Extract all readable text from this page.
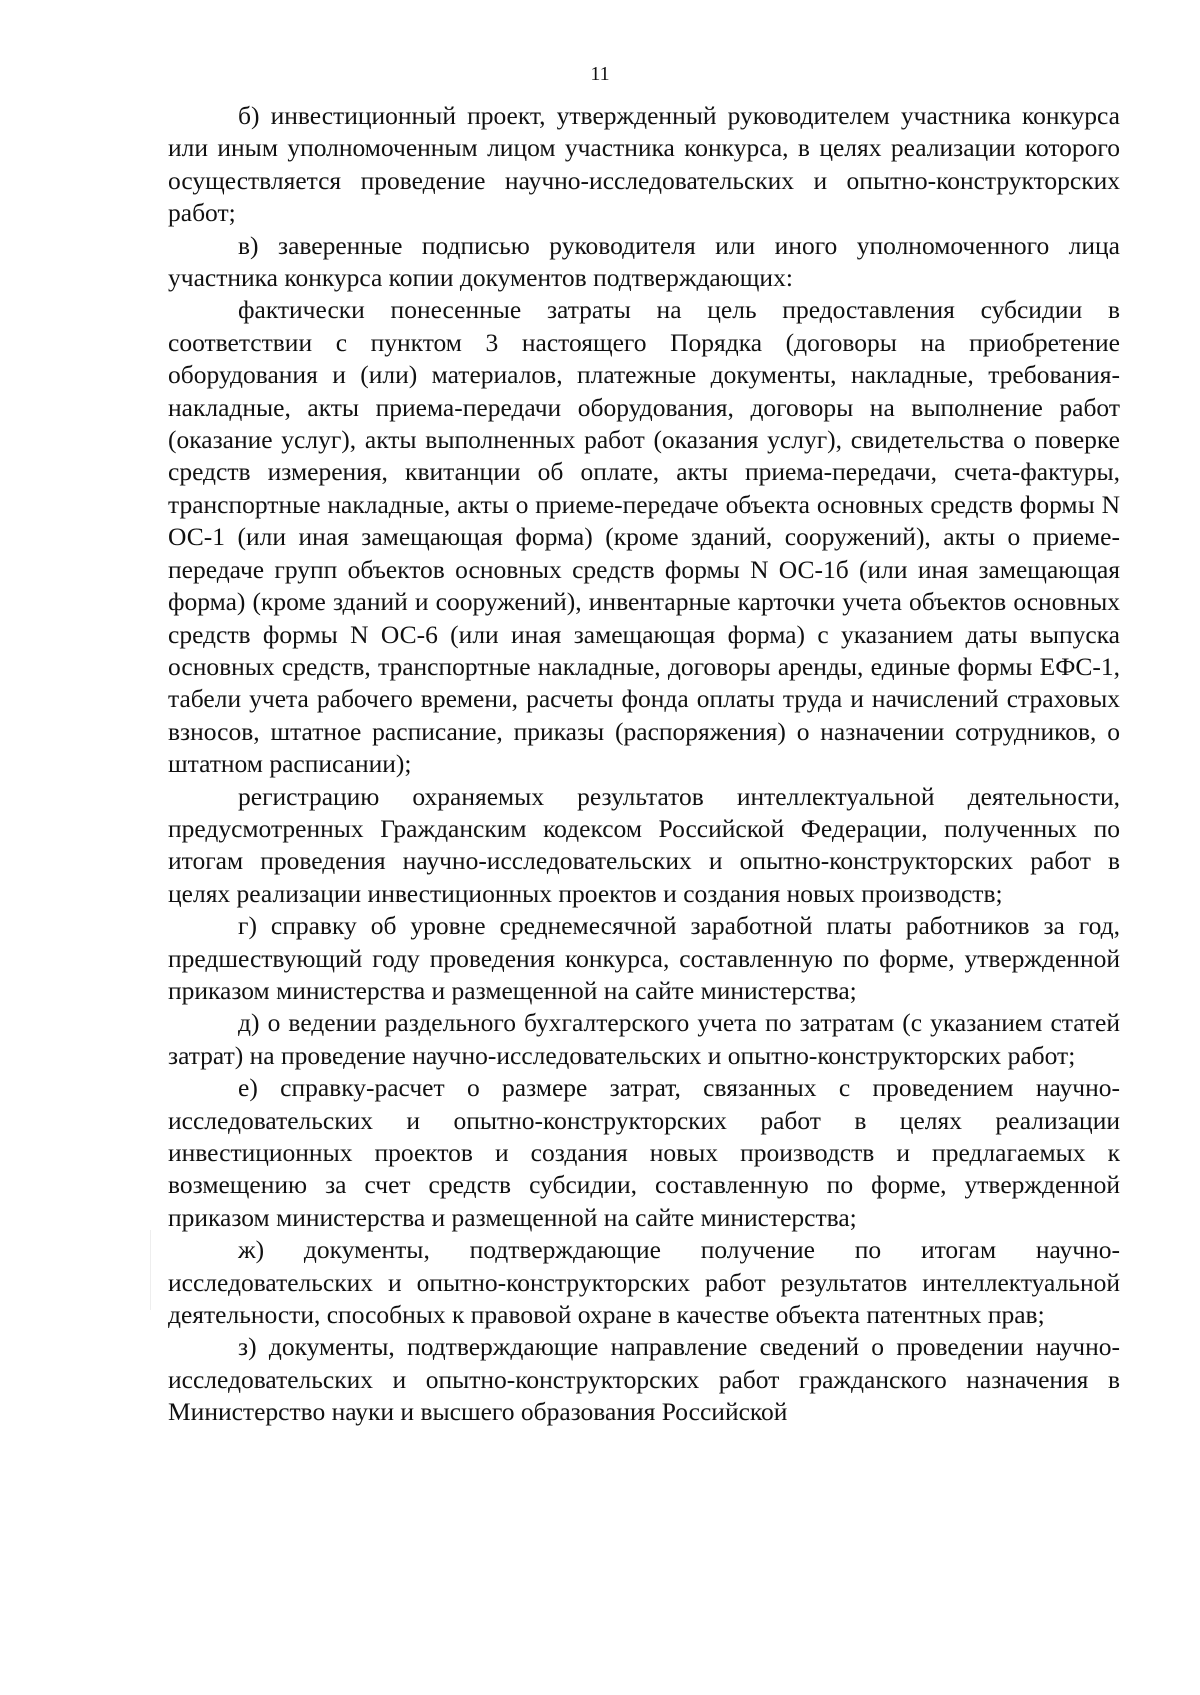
11

б) инвестиционный проект, утвержденный руководителем участника конкурса или иным уполномоченным лицом участника конкурса, в целях реализации которого осуществляется проведение научно-исследовательских и опытно-конструкторских работ;

в) заверенные подписью руководителя или иного уполномоченного лица участника конкурса копии документов подтверждающих:

фактически понесенные затраты на цель предоставления субсидии в соответствии с пунктом 3 настоящего Порядка (договоры на приобретение оборудования и (или) материалов, платежные документы, накладные, требования-накладные, акты приема-передачи оборудования, договоры на выполнение работ (оказание услуг), акты выполненных работ (оказания услуг), свидетельства о поверке средств измерения, квитанции об оплате, акты приема-передачи, счета-фактуры, транспортные накладные, акты о приеме-передаче объекта основных средств формы N ОС-1 (или иная замещающая форма) (кроме зданий, сооружений), акты о приеме-передаче групп объектов основных средств формы N ОС-1б (или иная замещающая форма) (кроме зданий и сооружений), инвентарные карточки учета объектов основных средств формы N ОС-6 (или иная замещающая форма) с указанием даты выпуска основных средств, транспортные накладные, договоры аренды, единые формы ЕФС-1, табели учета рабочего времени, расчеты фонда оплаты труда и начислений страховых взносов, штатное расписание, приказы (распоряжения) о назначении сотрудников, о штатном расписании);

регистрацию охраняемых результатов интеллектуальной деятельности, предусмотренных Гражданским кодексом Российской Федерации, полученных по итогам проведения научно-исследовательских и опытно-конструкторских работ в целях реализации инвестиционных проектов и создания новых производств;

г) справку об уровне среднемесячной заработной платы работников за год, предшествующий году проведения конкурса, составленную по форме, утвержденной приказом министерства и размещенной на сайте министерства;

д) о ведении раздельного бухгалтерского учета по затратам (с указанием статей затрат) на проведение научно-исследовательских и опытно-конструкторских работ;

е) справку-расчет о размере затрат, связанных с проведением научно-исследовательских и опытно-конструкторских работ в целях реализации инвестиционных проектов и создания новых производств и предлагаемых к возмещению за счет средств субсидии, составленную по форме, утвержденной приказом министерства и размещенной на сайте министерства;

ж) документы, подтверждающие получение по итогам научно-исследовательских и опытно-конструкторских работ результатов интеллектуальной деятельности, способных к правовой охране в качестве объекта патентных прав;

з) документы, подтверждающие направление сведений о проведении научно-исследовательских и опытно-конструкторских работ гражданского назначения в Министерство науки и высшего образования Российской
